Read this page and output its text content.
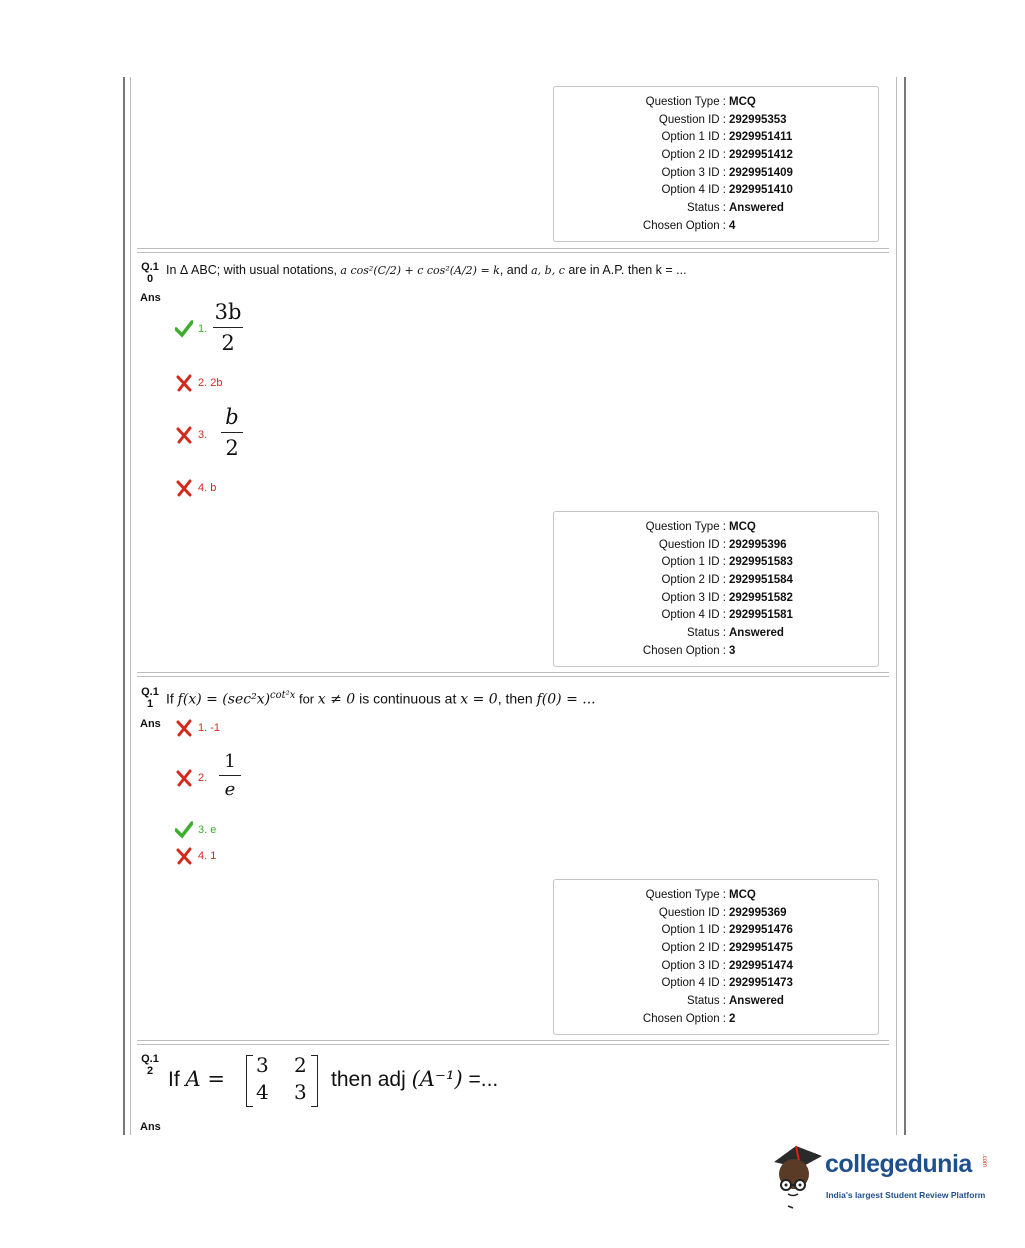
Question Type : MCQ
Question ID : 292995353
Option 1 ID : 2929951411
Option 2 ID : 2929951412
Option 3 ID : 2929951409
Option 4 ID : 2929951410
Status : Answered
Chosen Option : 4
Q.1
0
In Δ ABC; with usual notations, a cos²(C/2) + c cos²(A/2) = k, and a, b, c are in A.P. then k = ...
Ans
1.
3b
2
2. 2b
3.
b
2
4. b
Question Type : MCQ
Question ID : 292995396
Option 1 ID : 2929951583
Option 2 ID : 2929951584
Option 3 ID : 2929951582
Option 4 ID : 2929951581
Status : Answered
Chosen Option : 3
Q.1
1 If $f(x) = (\sec^2x)^{cot^2x}$ for x ≠ 0 is continuous at x = 0, then f(0) = ...
Ans	1. -1
2.
1
e
3. e
4. 1
Question Type : MCQ
Question ID : 292995369
Option 1 ID : 2929951476
Option 2 ID : 2929951475
Option 3 ID : 2929951474
Option 4 ID : 2929951473
Status : Answered
Chosen Option : 2
Q.1
2 If A =
3 2
4 3
then adj (A⁻¹) =...
Ans
collegedunia .com
India's largest Student Review Platform
